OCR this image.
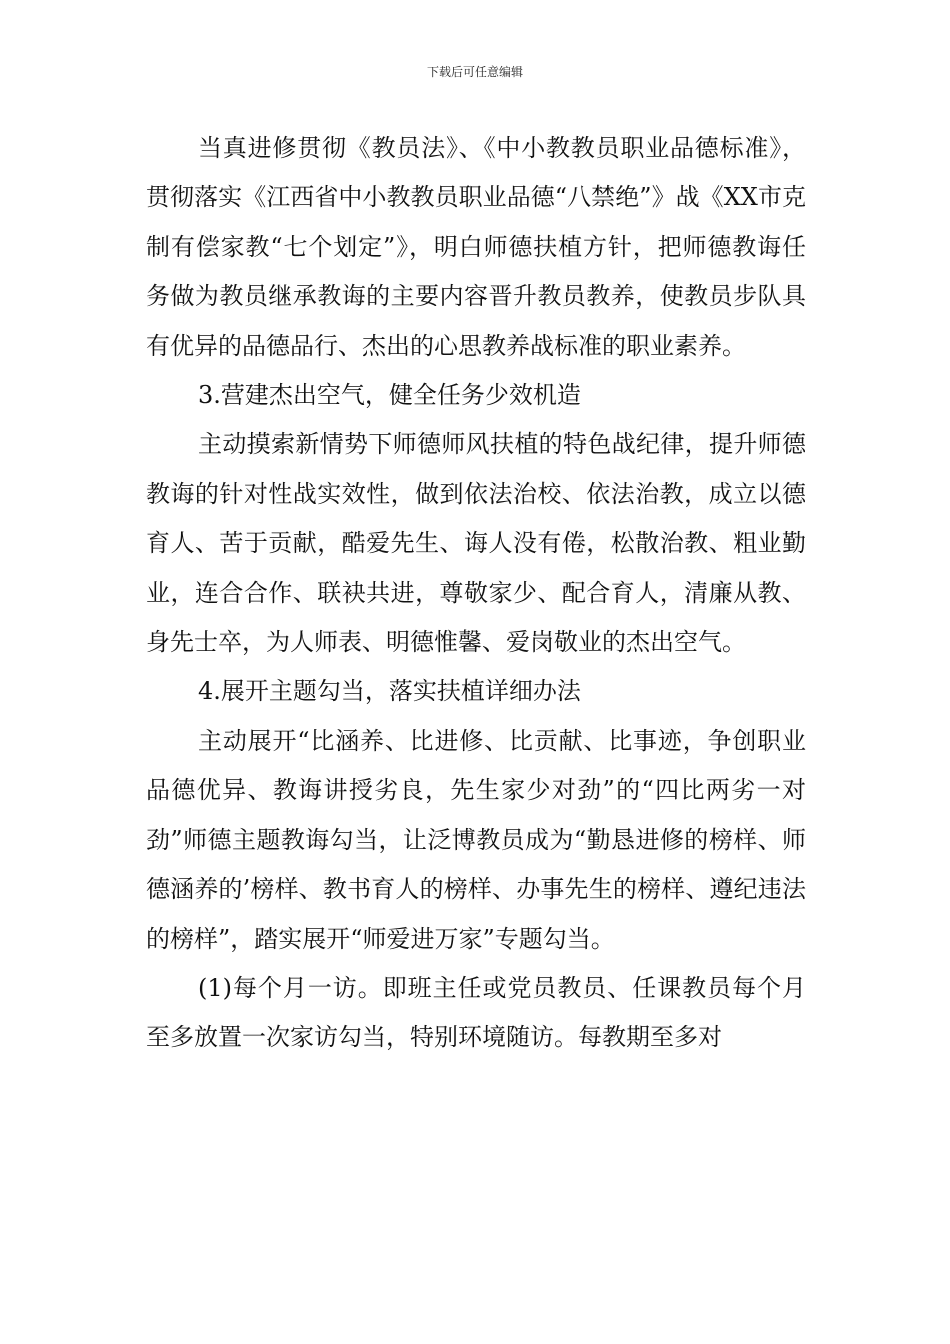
下载后可任意编辑

当真进修贯彻《教员法》、《中小教教员职业品德标准》，贯彻落实《江西省中小教教员职业品德“八禁绝”》战《XX市克制有偿家教“七个划定”》，明白师德扶植方针，把师德教诲任务做为教员继承教诲的主要内容晋升教员教养，使教员步队具有优异的品德品行、杰出的心思教养战标准的职业素养。

3.营建杰出空气，健全任务少效机造

主动摸索新情势下师德师风扶植的特色战纪律，提升师德教诲的针对性战实效性，做到依法治校、依法治教，成立以德育人、苦于贡献，酷爱先生、诲人没有倦，松散治教、粗业勤业，连合合作、联袂共进，尊敬家少、配合育人，清廉从教、身先士卒，为人师表、明德惟馨、爱岗敬业的杰出空气。

4.展开主题勾当，落实扶植详细办法

主动展开“比涵养、比进修、比贡献、比事迹，争创职业品德优异、教诲讲授劣良，先生家少对劲”的“四比两劣一对劲”师德主题教诲勾当，让泛博教员成为“勤恳进修的榜样、师德涵养的’榜样、教书育人的榜样、办事先生的榜样、遵纪违法的榜样”，踏实展开“师爱进万家”专题勾当。

(1)每个月一访。即班主任或党员教员、任课教员每个月至多放置一次家访勾当，特别环境随访。每教期至多对
